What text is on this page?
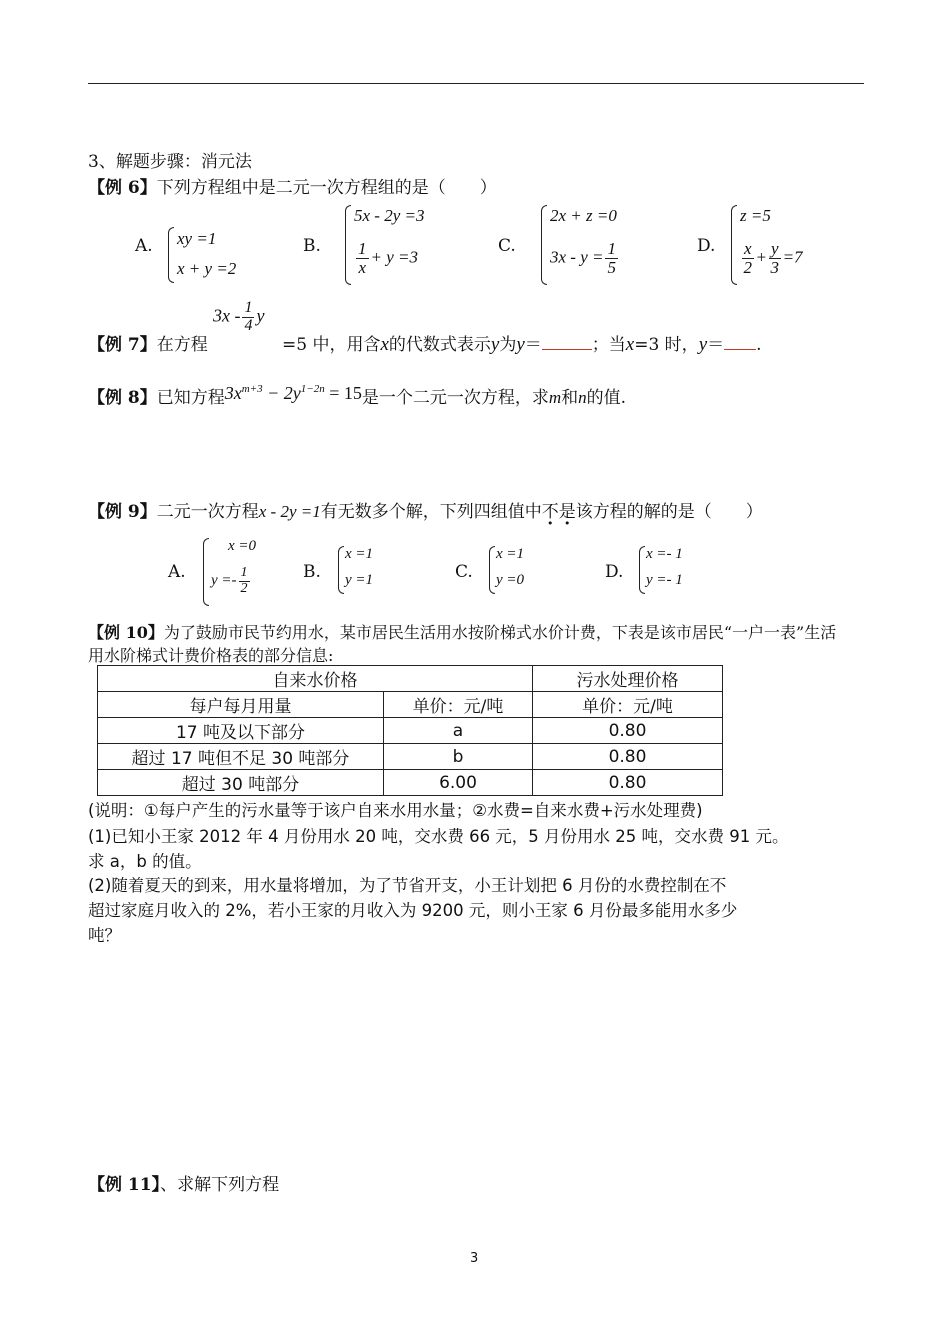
3、解题步骤：消元法
【例 6】下列方程组中是二元一次方程组的是（　　）
A. xy =1
x + y =2
B.
5x - 2y =3
$\frac{1}{x} + y =3$
C.
2x + z =0
$3x - y = \frac{1}{5}$	D.
z =5
$\frac{x}{2} + \frac{y}{3} =7$
【例 7】在方程
$3x - \frac{1}{4}$ y
=5 中，用含x的代数式表示y为y＝	；当x=3 时，y＝ .
【例 8】已知方程$3x^{m+3} - 2y^{1-2n} = 15$是一个二元一次方程，求m和n的值.
【例 9】二元一次方程x - 2y =1有无数多个解，下列四组值中不是该方程的解的是（　　）
A.
x =0
$y =- \frac{1}{2}$	B.
x =1
y =1	C.
x =1
y =0	D.
x =- 1
y =- 1
【例 10】为了鼓励市民节约用水，某市居民生活用水按阶梯式水价计费，下表是该市居民“一户一表”生活
用水阶梯式计费价格表的部分信息:
自来水价格		污水处理价格
每户每月用量	单价：元/吨	单价：元/吨
17 吨及以下部分	a	0.80
超过 17 吨但不足 30 吨部分	b	0.80
超过 30 吨部分	6.00	0.80
(说明：①每户产生的污水量等于该户自来水用水量；②水费=自来水费+污水处理费)
(1)已知小王家 2012 年 4 月份用水 20 吨，交水费 66 元，5 月份用水 25 吨，交水费 91 元。
求 a，b 的值。
(2)随着夏天的到来，用水量将增加，为了节省开支，小王计划把 6 月份的水费控制在不
超过家庭月收入的 2%，若小王家的月收入为 9200 元，则小王家 6 月份最多能用水多少
吨？
【例 11】、求解下列方程
3
